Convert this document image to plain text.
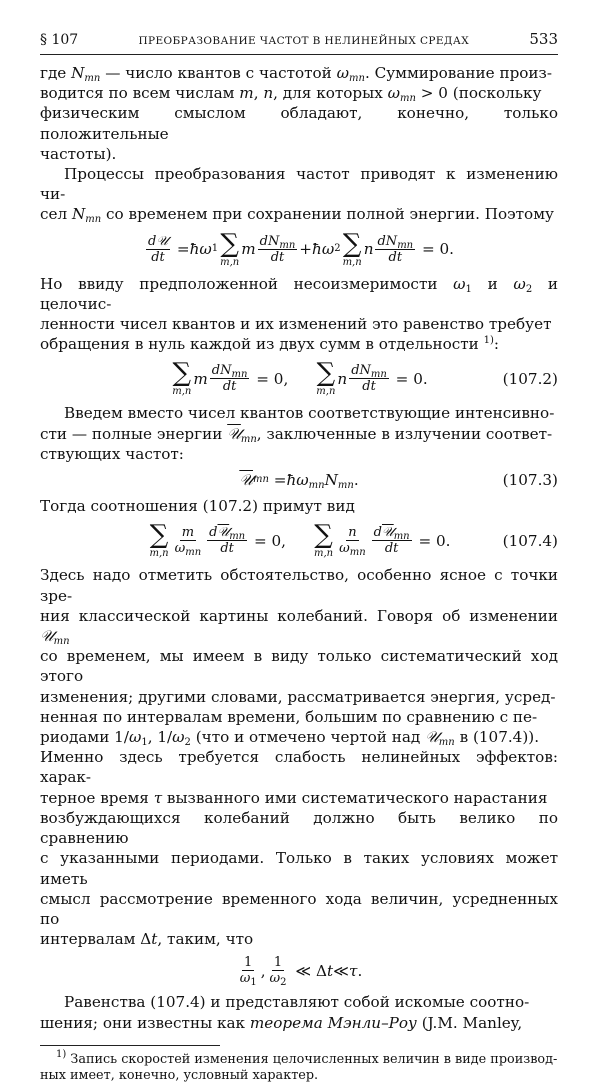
§ 107	ПРЕОБРАЗОВАНИЕ ЧАСТОТ В НЕЛИНЕЙНЫХ СРЕДАХ	533

где $N_{mn}$ — число квантов с частотой $\omega_{mn}$. Суммирование произ-
водится по всем числам m, n, для которых $\omega_{mn} > 0$ (поскольку
физическим смыслом обладают, конечно, только положительные
частоты).

Процессы преобразования частот приводят к изменению чи-
сел $N_{mn}$ со временем при сохранении полной энергии. Поэтому

$\frac{\text{d𝒰}}{dt}$ = ħω 1 ∑
m,n
m $\frac{dN_{mn}}{dt}$ + ħω 2 ∑
m,n
n $\frac{dN_{mn}}{dt} = 0$.

Но ввиду предположенной несоизмеримости $\omega_1$ и $\omega_2$ и целочис-
ленности чисел квантов и их изменений это равенство требует
обращения в нуль каждой из двух сумм в отдельности $^{1)}$:

∑
m,n
m $\frac{dN_{mn}}{dt} = 0$, ∑
m,n
n $\frac{dN_{mn}}{dt} = 0$.	(107.2)

Введем вместо чисел квантов соответствующие интенсивно-
сти — полные энергии 𝒰$_{mn}$, заключенные в излучении соответ-
ствующих частот:

𝒰 mn = $ħ\omega_{mn}N_{mn}$ .	(107.3)

Тогда соотношения (107.2) примут вид

∑
$m,n \frac{m}{\omega_{mn}} \frac{d𝒰_{mn}}{dt} = 0$, ∑
$m,n \frac{n}{\omega_{mn}} \frac{d𝒰_{mn}}{dt} = 0$.	(107.4)

Здесь надо отметить обстоятельство, особенно ясное с точки зре-
ния классической картины колебаний. Говоря об изменении 𝒰$_{mn}$
со временем, мы имеем в виду только систематический ход этого
изменения; другими словами, рассматривается энергия, усред-
ненная по интервалам времени, большим по сравнению с пе-
риодами $1/\omega_1$, $1/\omega_2$ (что и отмечено чертой над 𝒰$_{mn}$ в (107.4)).
Именно здесь требуется слабость нелинейных эффектов: харак-
терное время τ вызванного ими систематического нарастания
возбуждающихся колебаний должно быть велико по сравнению
с указанными периодами. Только в таких условиях может иметь
смысл рассмотрение временного хода величин, усредненных по
интервалам Δt, таким, что

$\frac{1}{\omega_1}$ , $\frac{1}{\omega_2}$ ≪ Δ t ≪ τ .

Равенства (107.4) и представляют собой искомые соотно-
шения; они известны как теорема Мэнли–Роу (J.M. Manley,

$^{1)}$ Запись скоростей изменения целочисленных величин в виде производ-
ных имеет, конечно, условный характер.
